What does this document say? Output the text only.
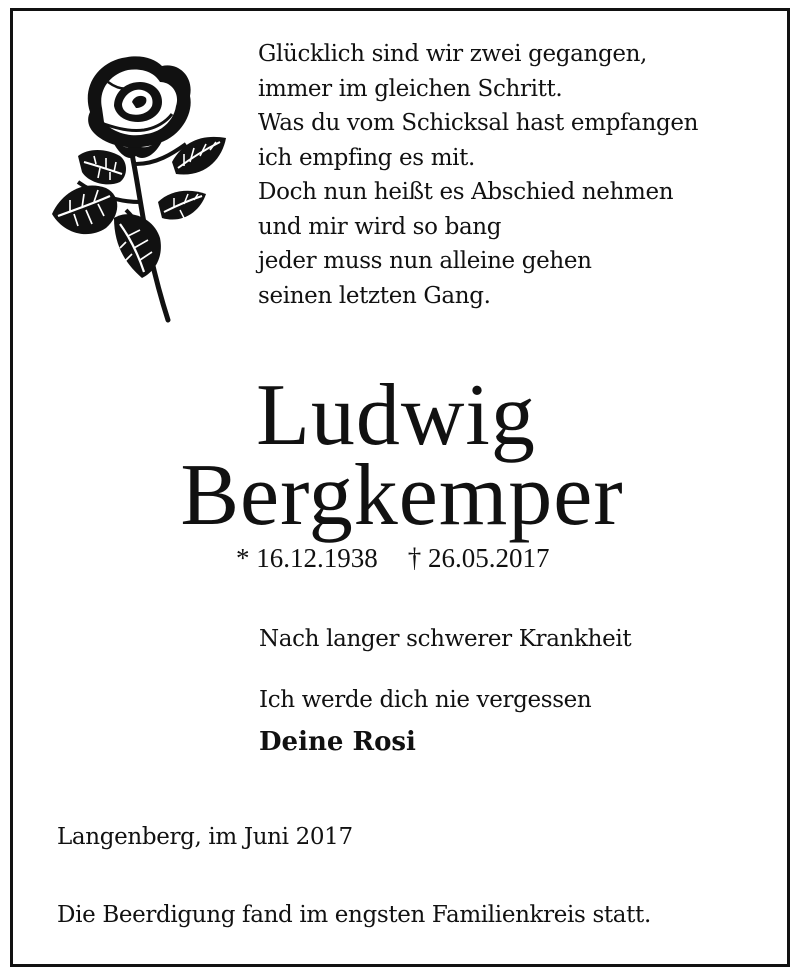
Glücklich sind wir zwei gegangen,
immer im gleichen Schritt.
Was du vom Schicksal hast empfangen
ich empfing es mit.
Doch nun heißt es Abschied nehmen
und mir wird so bang
jeder muss nun alleine gehen
seinen letzten Gang.
Ludwig
Bergkemper
* 16.12.1938 † 26.05.2017
Nach langer schwerer Krankheit
Ich werde dich nie vergessen
Deine Rosi
Langenberg, im Juni 2017
Die Beerdigung fand im engsten Familienkreis statt.
